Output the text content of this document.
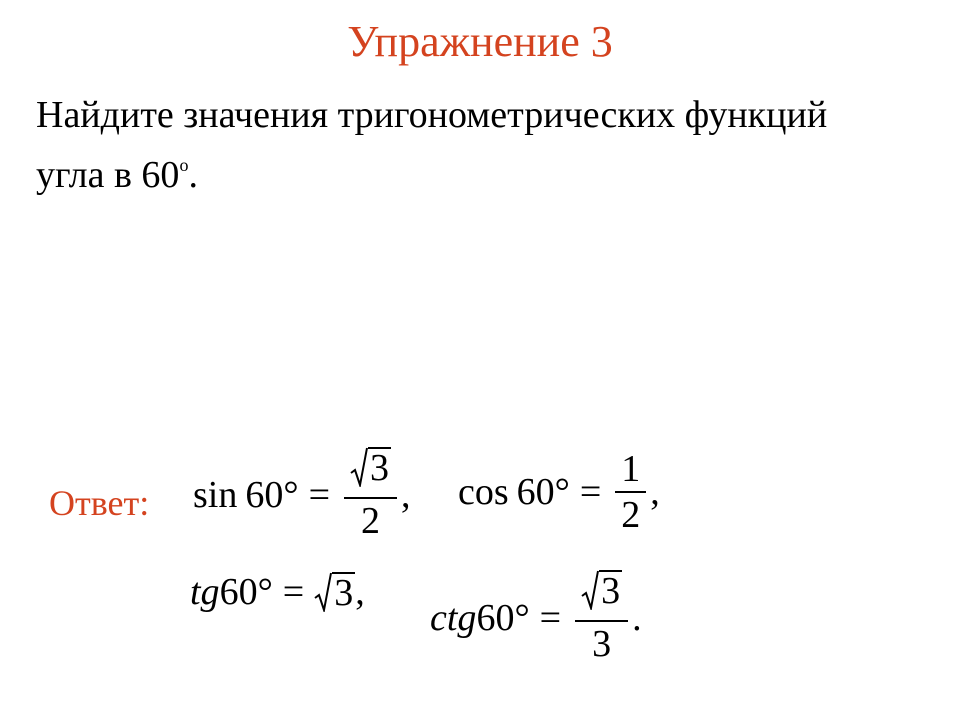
Упражнение 3
Найдите значения тригонометрических функций
угла в 60$^o$.
Ответ: $\sin 60^\circ = \frac{3}{2}$ , $\cos 60^\circ = \frac{1}{2}$ ,
tg 60° = 3 ,
ctg $60^\circ = \frac{3}{3}$ .
